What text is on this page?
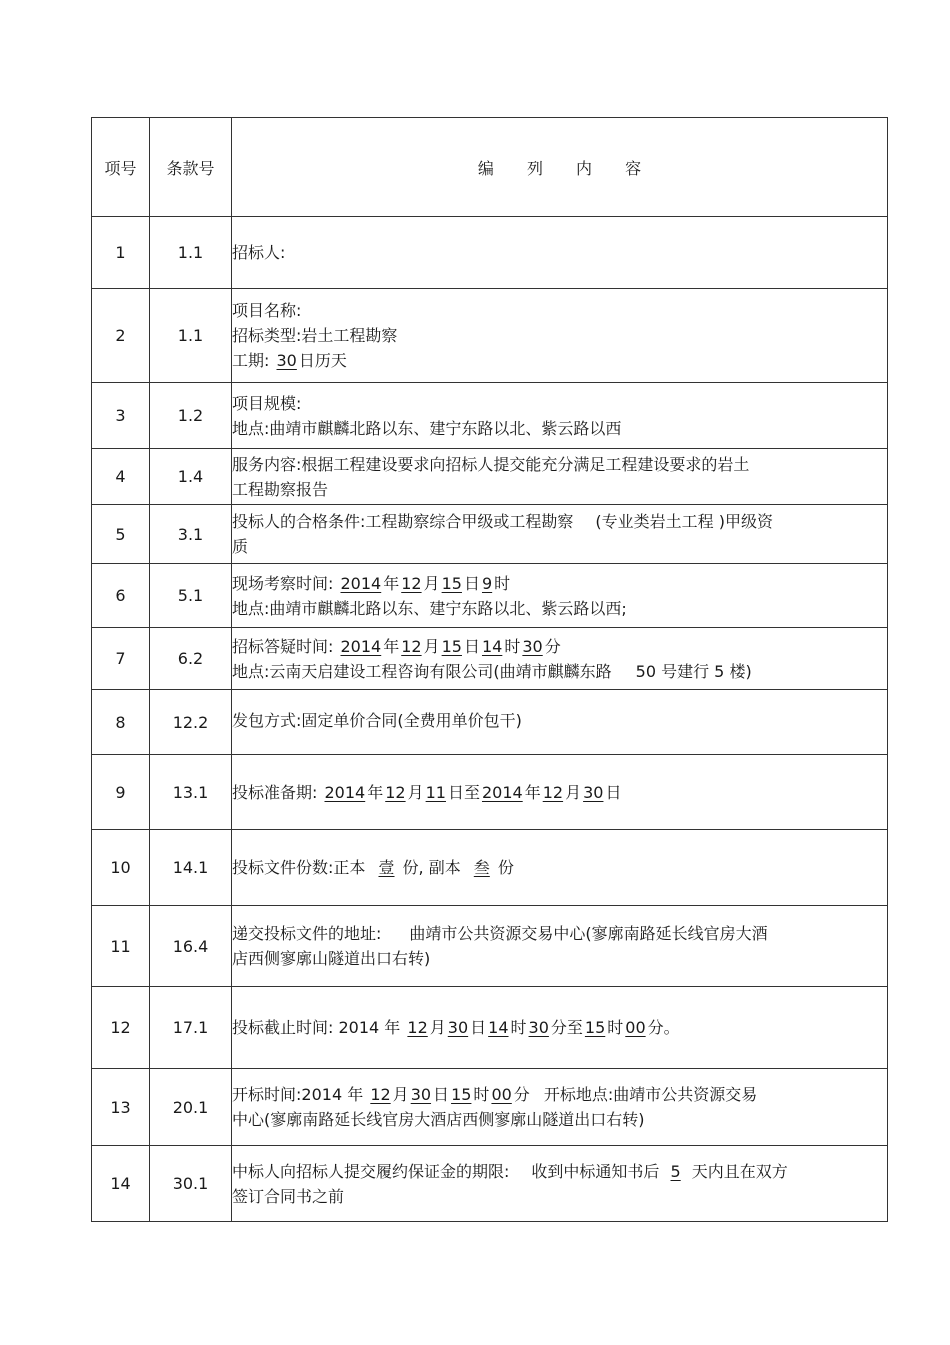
项号	条款号	编 列 内 容
1	1.1	招标人:

2	1.1	项目名称:
招标类型:岩土工程勘察
工期: 30 日历天

3	1.2	项目规模:
地点:曲靖市麒麟北路以东、建宁东路以北、紫云路以西

4	1.4	服务内容:根据工程建设要求向招标人提交能充分满足工程建设要求的岩土
工程勘察报告

5	3.1	投标人的合格条件:工程勘察综合甲级或工程勘察 (专业类岩土工程 )甲级资
质

6	5.1	现场考察时间: 2014 年 12 月 15 日 9 时
地点:曲靖市麒麟北路以东、建宁东路以北、紫云路以西;

7	6.2	招标答疑时间: 2014 年 12 月 15 日 14 时 30 分
地点:云南天启建设工程咨询有限公司(曲靖市麒麟东路 50 号建行 5 楼)

8	12.2	发包方式:固定单价合同(全费用单价包干)

9	13.1	投标准备期: 2014 年 12 月 11 日至 2014 年 12 月 30 日

10	14.1	投标文件份数:正本 壹 份, 副本 叁 份

11	16.4	递交投标文件的地址: 曲靖市公共资源交易中心(寥廓南路延长线官房大酒
店西侧寥廓山隧道出口右转)

12	17.1	投标截止时间: 2014 年 12 月 30 日 14 时 30 分至 15 时 00 分。

13	20.1	开标时间:2014 年 12 月 30 日 15 时 00 分 开标地点:曲靖市公共资源交易
中心(寥廓南路延长线官房大酒店西侧寥廓山隧道出口右转)

14	30.1	中标人向招标人提交履约保证金的期限: 收到中标通知书后 5 天内且在双方
签订合同书之前
